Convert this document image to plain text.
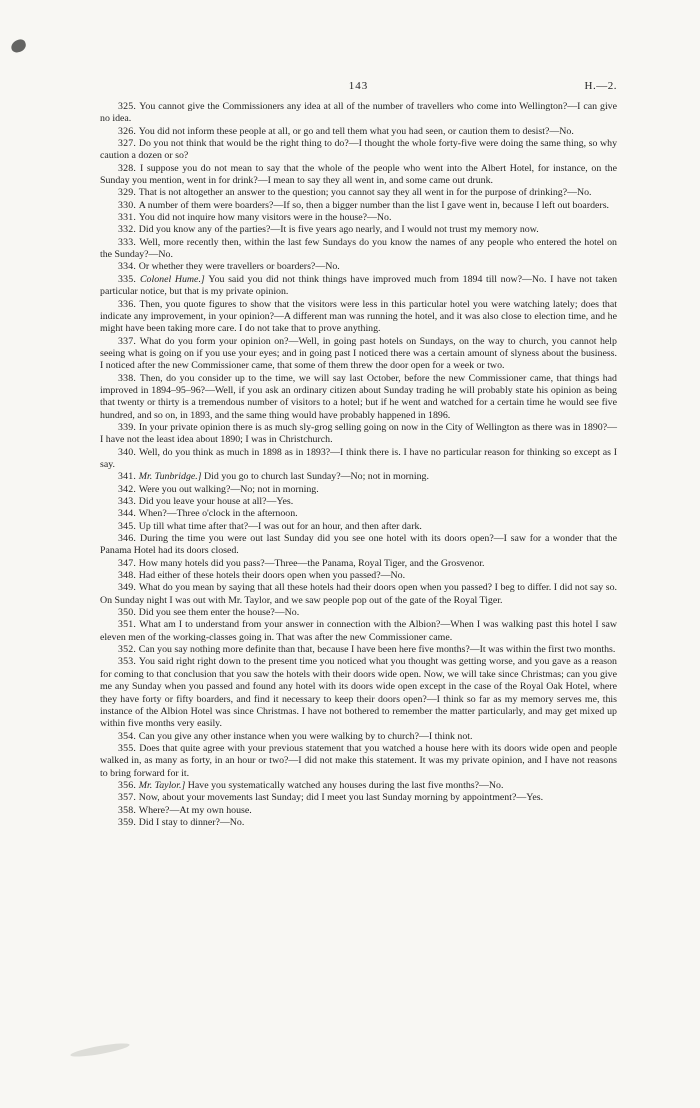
143	H.—2.

325. You cannot give the Commissioners any idea at all of the number of travellers who come into Wellington?—I can give no idea.

326. You did not inform these people at all, or go and tell them what you had seen, or caution them to desist?—No.

327. Do you not think that would be the right thing to do?—I thought the whole forty-five were doing the same thing, so why caution a dozen or so?

328. I suppose you do not mean to say that the whole of the people who went into the Albert Hotel, for instance, on the Sunday you mention, went in for drink?—I mean to say they all went in, and some came out drunk.

329. That is not altogether an answer to the question; you cannot say they all went in for the purpose of drinking?—No.

330. A number of them were boarders?—If so, then a bigger number than the list I gave went in, because I left out boarders.

331. You did not inquire how many visitors were in the house?—No.

332. Did you know any of the parties?—It is five years ago nearly, and I would not trust my memory now.

333. Well, more recently then, within the last few Sundays do you know the names of any people who entered the hotel on the Sunday?—No.

334. Or whether they were travellers or boarders?—No.

335. Colonel Hume.] You said you did not think things have improved much from 1894 till now?—No. I have not taken particular notice, but that is my private opinion.

336. Then, you quote figures to show that the visitors were less in this particular hotel you were watching lately; does that indicate any improvement, in your opinion?—A different man was running the hotel, and it was also close to election time, and he might have been taking more care. I do not take that to prove anything.

337. What do you form your opinion on?—Well, in going past hotels on Sundays, on the way to church, you cannot help seeing what is going on if you use your eyes; and in going past I noticed there was a certain amount of slyness about the business. I noticed after the new Commissioner came, that some of them threw the door open for a week or two.

338. Then, do you consider up to the time, we will say last October, before the new Commissioner came, that things had improved in 1894–95–96?—Well, if you ask an ordinary citizen about Sunday trading he will probably state his opinion as being that twenty or thirty is a tremendous number of visitors to a hotel; but if he went and watched for a certain time he would see five hundred, and so on, in 1893, and the same thing would have probably happened in 1896.

339. In your private opinion there is as much sly-grog selling going on now in the City of Wellington as there was in 1890?—I have not the least idea about 1890; I was in Christchurch.

340. Well, do you think as much in 1898 as in 1893?—I think there is. I have no particular reason for thinking so except as I say.

341. Mr. Tunbridge.] Did you go to church last Sunday?—No; not in morning.

342. Were you out walking?—No; not in morning.

343. Did you leave your house at all?—Yes.

344. When?—Three o'clock in the afternoon.

345. Up till what time after that?—I was out for an hour, and then after dark.

346. During the time you were out last Sunday did you see one hotel with its doors open?—I saw for a wonder that the Panama Hotel had its doors closed.

347. How many hotels did you pass?—Three—the Panama, Royal Tiger, and the Grosvenor.

348. Had either of these hotels their doors open when you passed?—No.

349. What do you mean by saying that all these hotels had their doors open when you passed? I beg to differ. I did not say so. On Sunday night I was out with Mr. Taylor, and we saw people pop out of the gate of the Royal Tiger.

350. Did you see them enter the house?—No.

351. What am I to understand from your answer in connection with the Albion?—When I was walking past this hotel I saw eleven men of the working-classes going in. That was after the new Commissioner came.

352. Can you say nothing more definite than that, because I have been here five months?—It was within the first two months.

353. You said right right down to the present time you noticed what you thought was getting worse, and you gave as a reason for coming to that conclusion that you saw the hotels with their doors wide open. Now, we will take since Christmas; can you give me any Sunday when you passed and found any hotel with its doors wide open except in the case of the Royal Oak Hotel, where they have forty or fifty boarders, and find it necessary to keep their doors open?—I think so far as my memory serves me, this instance of the Albion Hotel was since Christmas. I have not bothered to remember the matter particularly, and may get mixed up within five months very easily.

354. Can you give any other instance when you were walking by to church?—I think not.

355. Does that quite agree with your previous statement that you watched a house here with its doors wide open and people walked in, as many as forty, in an hour or two?—I did not make this statement. It was my private opinion, and I have not reasons to bring forward for it.

356. Mr. Taylor.] Have you systematically watched any houses during the last five months?—No.

357. Now, about your movements last Sunday; did I meet you last Sunday morning by appointment?—Yes.

358. Where?—At my own house.

359. Did I stay to dinner?—No.
